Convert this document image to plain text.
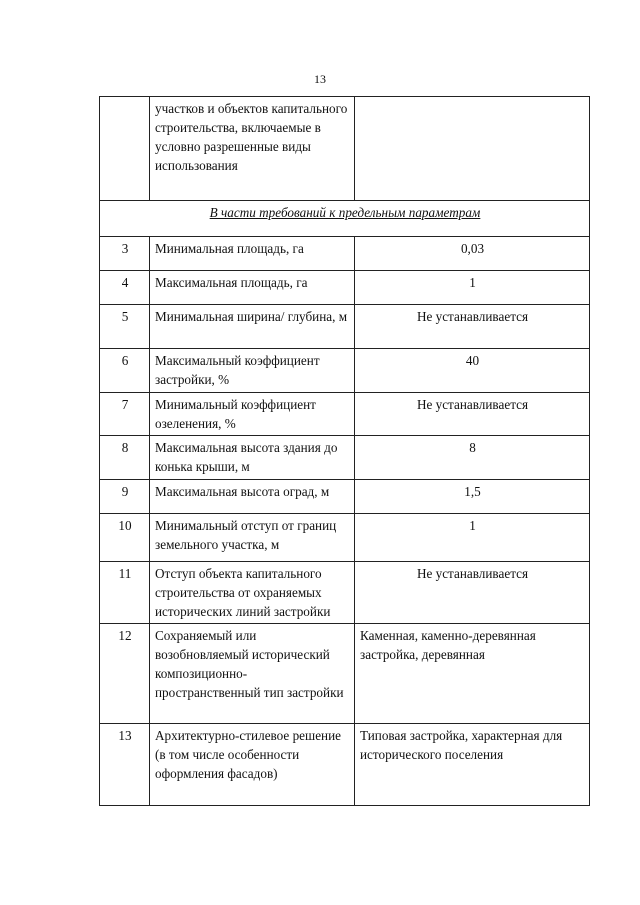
13
	участков и объектов капитального строительства, включаемые в условно разрешенные виды использования	
В части требований к предельным параметрам		
3	Минимальная площадь, га	0,03
4	Максимальная площадь, га	1
5	Минимальная ширина/ глубина, м	Не устанавливается
6	Максимальный коэффициент застройки, %	40
7	Минимальный коэффициент озеленения, %	Не устанавливается
8	Максимальная высота здания до конька крыши, м	8
9	Максимальная высота оград, м	1,5
10	Минимальный отступ от границ земельного участка, м	1
11	Отступ объекта капитального строительства от охраняемых исторических линий застройки	Не устанавливается
12	Сохраняемый или возобновляемый исторический композиционно-пространственный тип застройки	Каменная, каменно-деревянная застройка, деревянная
13	Архитектурно-стилевое решение (в том числе особенности оформления фасадов)	Типовая застройка, характерная для исторического поселения
